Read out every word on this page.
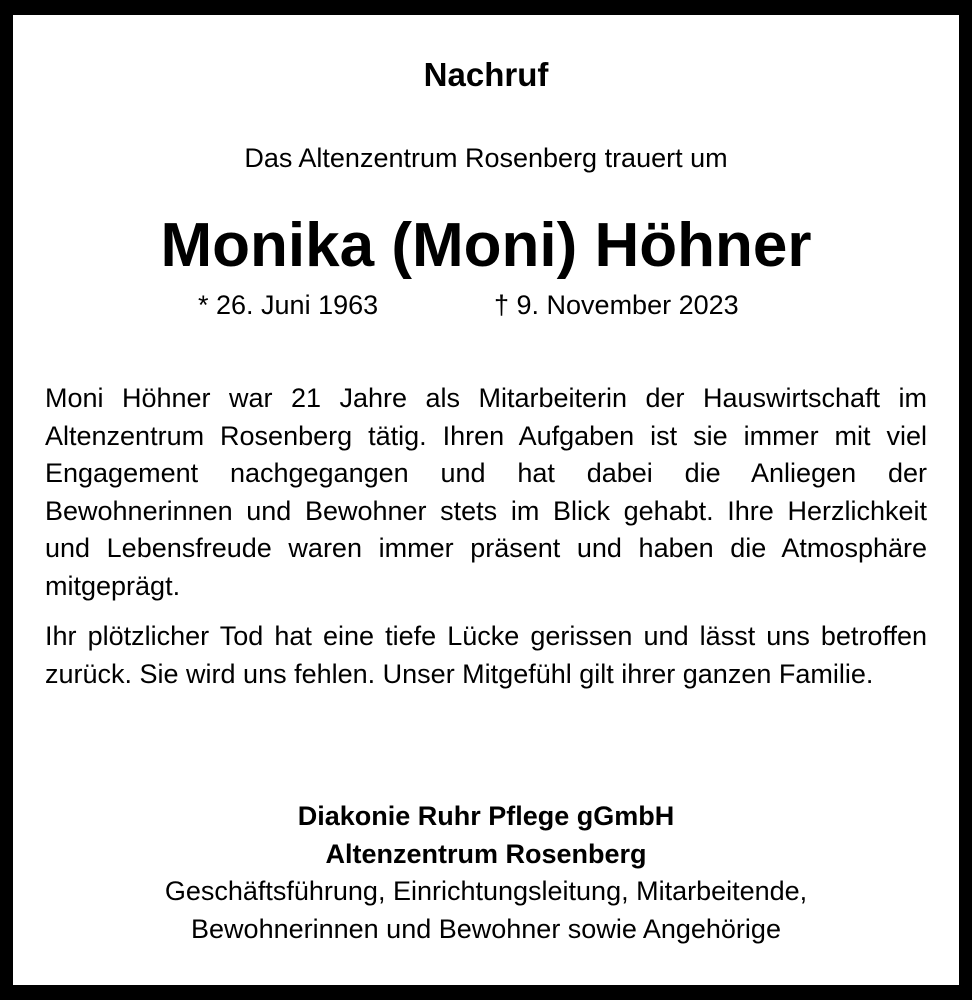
Nachruf
Das Altenzentrum Rosenberg trauert um
Monika (Moni) Höhner
* 26. Juni 1963	† 9. November 2023

Moni Höhner war 21 Jahre als Mitarbeiterin der Hauswirtschaft im Altenzentrum Rosenberg tätig. Ihren Aufgaben ist sie immer mit viel Engagement nachgegangen und hat dabei die Anliegen der Bewohnerinnen und Bewohner stets im Blick gehabt. Ihre Herzlichkeit und Lebensfreude waren immer präsent und haben die Atmosphäre mitgeprägt.

Ihr plötzlicher Tod hat eine tiefe Lücke gerissen und lässt uns betroffen zurück. Sie wird uns fehlen. Unser Mitgefühl gilt ihrer ganzen Familie.

Diakonie Ruhr Pflege gGmbH
Altenzentrum Rosenberg
Geschäftsführung, Einrichtungsleitung, Mitarbeitende,
Bewohnerinnen und Bewohner sowie Angehörige
